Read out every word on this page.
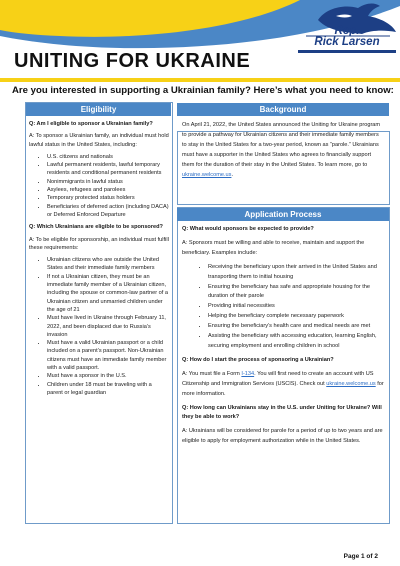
Rep.
Rick Larsen
UNITING FOR UKRAINE
Are you interested in supporting a Ukrainian family? Here’s what you need to know:
Eligibility

Q: Am I eligible to sponsor a Ukrainian family?

A: To sponsor a Ukrainian family, an individual must hold lawful status in the United States, including:

• U.S. citizens and nationals
• Lawful permanent residents, lawful temporary residents and conditional permanent residents
• Nonimmigrants in lawful status
• Asylees, refugees and parolees
• Temporary protected status holders
• Beneficiaries of deferred action (including DACA) or Deferred Enforced Departure

Q: Which Ukrainians are eligible to be sponsored?

A: To be eligible for sponsorship, an individual must fulfill these requirements:

• Ukrainian citizens who are outside the United States and their immediate family members
• If not a Ukrainian citizen, they must be an immediate family member of a Ukrainian citizen, including the spouse or common-law partner of a Ukrainian citizen and unmarried children under the age of 21
• Must have lived in Ukraine through February 11, 2022, and been displaced due to Russia’s invasion
• Must have a valid Ukrainian passport or a child included on a parent’s passport. Non-Ukrainian citizens must have an immediate family member with a valid passport.
• Must have a sponsor in the U.S.
• Children under 18 must be traveling with a parent or legal guardian
Background
On April 21, 2022, the United States announced the Uniting for Ukraine program to provide a pathway for Ukrainian citizens and their immediate family members to stay in the United States for a two-year period, known as “parole.” Ukrainians must have a supporter in the United States who agrees to financially support them for the duration of their stay in the United States. To learn more, go to ukraine.welcome.us.
Application Process

Q: What would sponsors be expected to provide?

A: Sponsors must be willing and able to receive, maintain and support the beneficiary. Examples include:

• Receiving the beneficiary upon their arrived in the United States and transporting them to initial housing
• Ensuring the beneficiary has safe and appropriate housing for the duration of their parole
• Providing initial necessities
• Helping the beneficiary complete necessary paperwork
• Ensuring the beneficiary’s health care and medical needs are met
• Assisting the beneficiary with accessing education, learning English, securing employment and enrolling children in school

Q: How do I start the process of sponsoring a Ukrainian?

A: You must file a Form I-134. You will first need to create an account with US Citizenship and Immigration Services (USCIS). Check out ukraine.welcome.us for more information.

Q: How long can Ukrainians stay in the U.S. under Uniting for Ukraine? Will they be able to work?

A: Ukrainians will be considered for parole for a period of up to two years and are eligible to apply for employment authorization while in the United States.

Page 1 of 2
